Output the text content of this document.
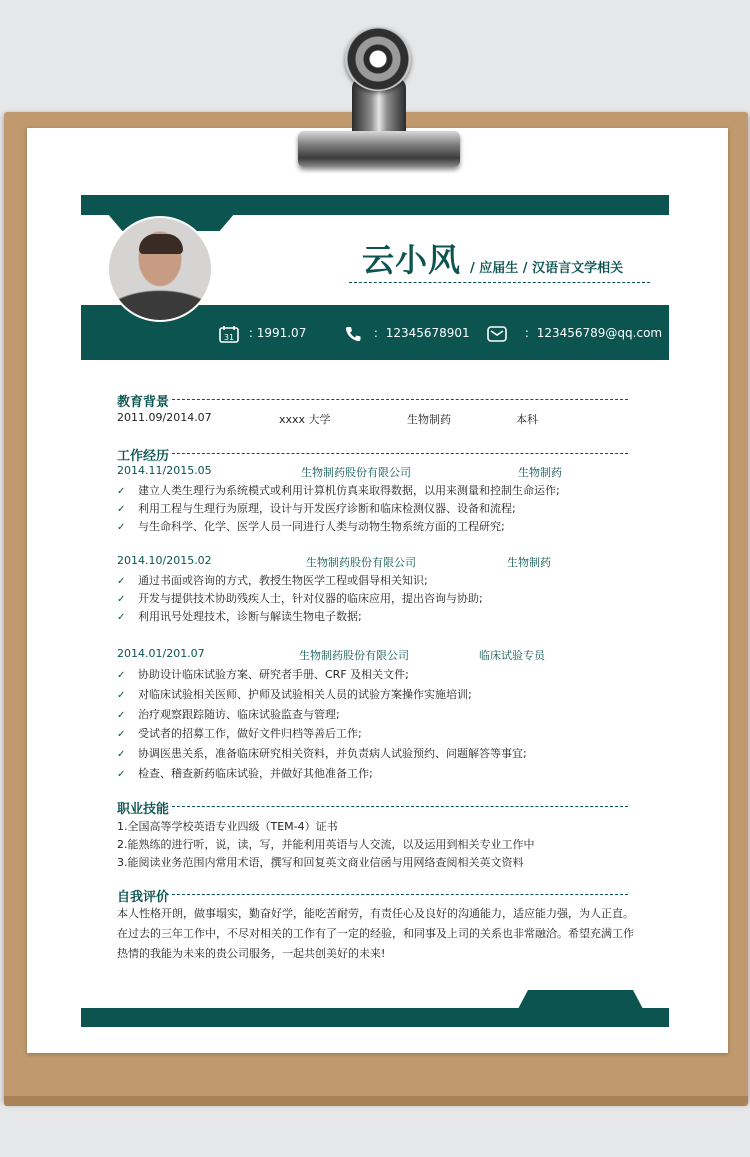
云小风 / 应届生 / 汉语言文学相关
31 : 1991.07	: 12345678901	: 123456789@qq.com
教育背景
2011.09/2014.07	xxxx 大学	生物制药	本科
工作经历
2014.11/2015.05	生物制药股份有限公司	生物制药
✓ 建立人类生理行为系统模式或利用计算机仿真来取得数据，以用来测量和控制生命运作;
✓ 利用工程与生理行为原理，设计与开发医疗诊断和临床检测仪器、设备和流程;
✓ 与生命科学、化学、医学人员一同进行人类与动物生物系统方面的工程研究;
2014.10/2015.02	生物制药股份有限公司	生物制药
✓ 通过书面或咨询的方式，教授生物医学工程或倡导相关知识;
✓ 开发与提供技术协助残疾人士，针对仪器的临床应用，提出咨询与协助;
✓ 利用讯号处理技术，诊断与解读生物电子数据;
2014.01/201.07	生物制药股份有限公司	临床试验专员
✓ 协助设计临床试验方案、研究者手册、CRF 及相关文件;
✓ 对临床试验相关医师、护师及试验相关人员的试验方案操作实施培训;
✓ 治疗观察跟踪随访、临床试验监查与管理;
✓ 受试者的招募工作，做好文件归档等善后工作;
✓ 协调医患关系，准备临床研究相关资料，并负责病人试验预约、问题解答等事宜;
✓ 检查、稽查新药临床试验，并做好其他准备工作;
职业技能
1.全国高等学校英语专业四级（TEM-4）证书
2.能熟练的进行听，说，读，写，并能利用英语与人交流，以及运用到相关专业工作中
3.能阅读业务范围内常用术语，撰写和回复英文商业信函与用网络查阅相关英文资料
自我评价
本人性格开朗，做事塌实，勤奋好学，能吃苦耐劳，有责任心及良好的沟通能力，适应能力强，为人正直。在过去的三年工作中，不尽对相关的工作有了一定的经验，和同事及上司的关系也非常融洽。希望充满工作热情的我能为未来的贵公司服务，一起共创美好的未来!
